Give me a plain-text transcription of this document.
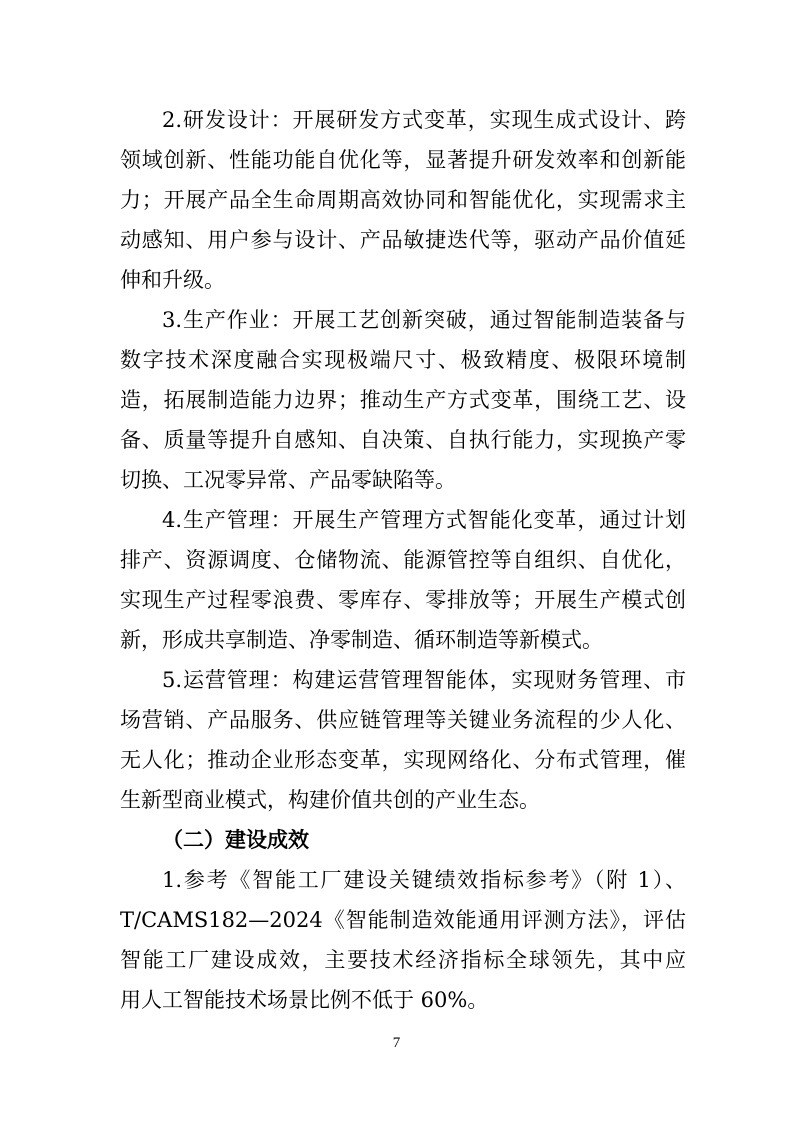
2.研发设计：开展研发方式变革，实现生成式设计、跨
领域创新、性能功能自优化等，显著提升研发效率和创新能
力；开展产品全生命周期高效协同和智能优化，实现需求主
动感知、用户参与设计、产品敏捷迭代等，驱动产品价值延
伸和升级。
3.生产作业：开展工艺创新突破，通过智能制造装备与
数字技术深度融合实现极端尺寸、极致精度、极限环境制
造，拓展制造能力边界；推动生产方式变革，围绕工艺、设
备、质量等提升自感知、自决策、自执行能力，实现换产零
切换、工况零异常、产品零缺陷等。
4.生产管理：开展生产管理方式智能化变革，通过计划
排产、资源调度、仓储物流、能源管控等自组织、自优化，
实现生产过程零浪费、零库存、零排放等；开展生产模式创
新，形成共享制造、净零制造、循环制造等新模式。
5.运营管理：构建运营管理智能体，实现财务管理、市
场营销、产品服务、供应链管理等关键业务流程的少人化、
无人化；推动企业形态变革，实现网络化、分布式管理，催
生新型商业模式，构建价值共创的产业生态。
（二）建设成效
1.参考《智能工厂建设关键绩效指标参考》（附 1）、
T/CAMS182—2024《智能制造效能通用评测方法》，评估
智能工厂建设成效，主要技术经济指标全球领先，其中应
用人工智能技术场景比例不低于 60%。
7
